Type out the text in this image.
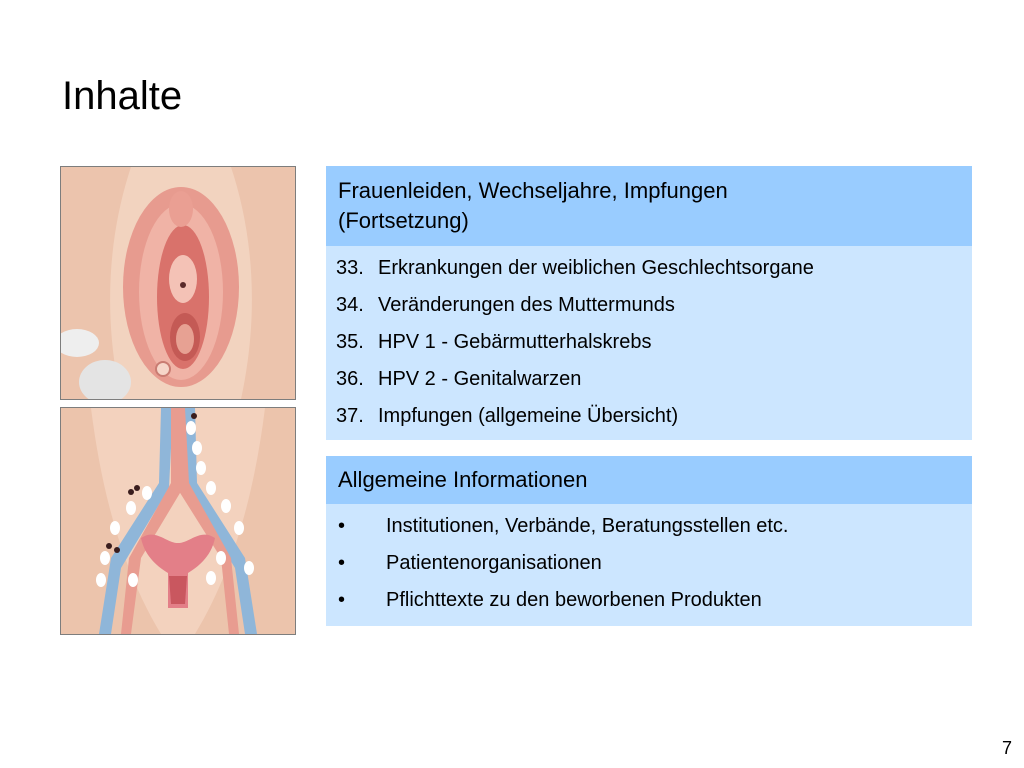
Inhalte
Frauenleiden, Wechseljahre, Impfungen
(Fortsetzung)
33. Erkrankungen der weiblichen Geschlechtsorgane
34. Veränderungen des Muttermunds
35. HPV 1 - Gebärmutterhalskrebs
36. HPV 2 - Genitalwarzen
37. Impfungen (allgemeine Übersicht)
Allgemeine Informationen
•	Institutionen, Verbände, Beratungsstellen etc.
•	Patientenorganisationen
•	Pflichttexte zu den beworbenen Produkten
7
